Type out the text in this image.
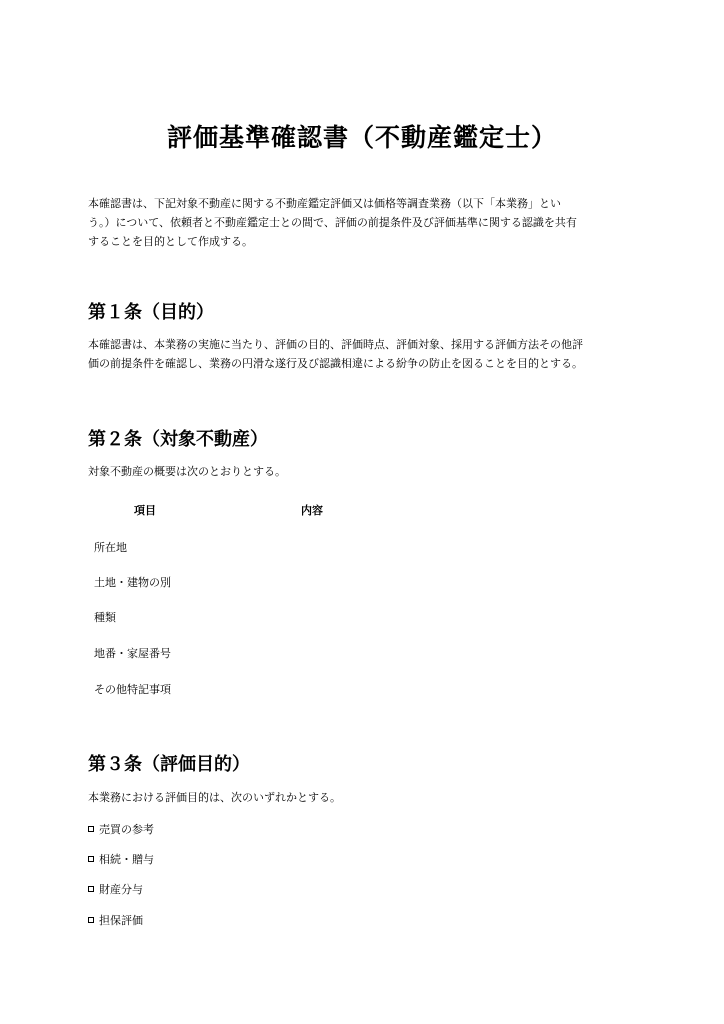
評価基準確認書（不動産鑑定士）
本確認書は、下記対象不動産に関する不動産鑑定評価又は価格等調査業務（以下「本業務」とい
う。）について、依頼者と不動産鑑定士との間で、評価の前提条件及び評価基準に関する認識を共有
することを目的として作成する。
第１条（目的）
本確認書は、本業務の実施に当たり、評価の目的、評価時点、評価対象、採用する評価方法その他評
価の前提条件を確認し、業務の円滑な遂行及び認識相違による紛争の防止を図ることを目的とする。
第２条（対象不動産）
対象不動産の概要は次のとおりとする。
項目	内容
所在地
土地・建物の別
種類
地番・家屋番号
その他特記事項
第３条（評価目的）
本業務における評価目的は、次のいずれかとする。
売買の参考
相続・贈与
財産分与
担保評価
